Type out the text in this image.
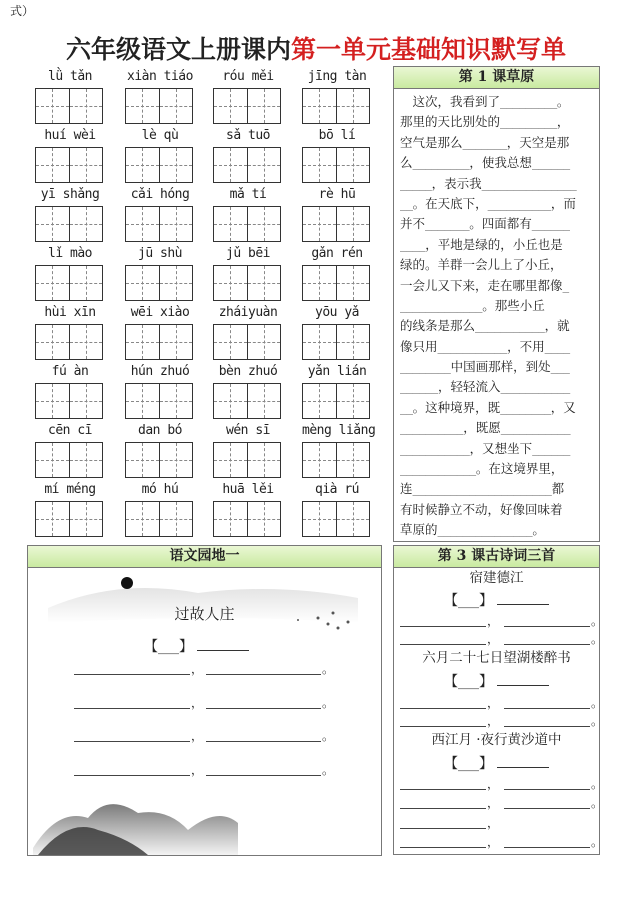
式）
六年级语文上册课内第一单元基础知识默写单
lǜ tǎn	xiàn tiáo	róu měi	jīng tàn
huí wèi	lè qù	sǎ tuō	bō lí
yī shǎng	cǎi hóng	mǎ tí	rè hū
lǐ mào	jū shù	jǔ bēi	gǎn rén
hùi xīn	wēi xiào	zháiyuàn	yōu yǎ
fú àn	hún zhuó	bèn zhuó	yǎn lián
cēn cī	dan bó	wén sī	mèng liǎng
mí méng	mó hú	huā lěi	qià rú
第 1 课草原
　这次，我看到了_________。
那里的天比别处的_________，
空气是那么_______，天空是那
么_________，使我总想______
_____，表示我_______________
__。在天底下，__________，而
并不_______。四面都有______
____，平地是绿的，小丘也是
绿的。羊群一会儿上了小丘，
一会儿又下来，走在哪里都像_
_____________。那些小丘
的线条是那么___________，就
像只用___________，不用____
________中国画那样，到处___
______，轻轻流入___________
__。这种境界，既________，又
__________，既愿___________
___________，又想坐下______
____________。在这境界里，
连______________________都
有时候静立不动，好像回味着
草原的_______________。
语文园地一
过故人庄
【___】
，	。
，	。
，	。
，	。
第 3 课古诗词三首
宿建德江
六月二十七日望湖楼醉书
西江月 ·夜行黄沙道中
【___】
【___】
【___】
，	。
，	。
，	。
，	。
，	。
，	。
，
，	。
